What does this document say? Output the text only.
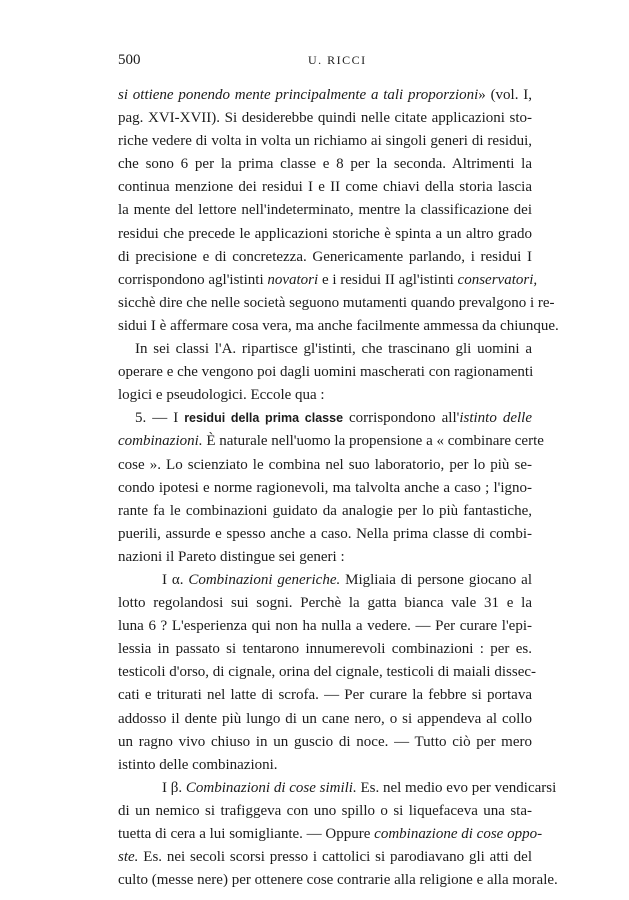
500	U. RICCI
si ottiene ponendo mente principalmente a tali proporzioni» (vol. I,
pag. XVI-XVII). Si desiderebbe quindi nelle citate applicazioni sto-
riche vedere di volta in volta un richiamo ai singoli generi di residui,
che sono 6 per la prima classe e 8 per la seconda. Altrimenti la
continua menzione dei residui I e II come chiavi della storia lascia
la mente del lettore nell'indeterminato, mentre la classificazione dei
residui che precede le applicazioni storiche è spinta a un altro grado
di precisione e di concretezza. Genericamente parlando, i residui I
corrispondono agl'istinti novatori e i residui II agl'istinti conservatori,
sicchè dire che nelle società seguono mutamenti quando prevalgono i re-
sidui I è affermare cosa vera, ma anche facilmente ammessa da chiunque.
In sei classi l'A. ripartisce gl'istinti, che trascinano gli uomini a
operare e che vengono poi dagli uomini mascherati con ragionamenti
logici e pseudologici. Eccole qua :
5. — I residui della prima classe corrispondono all'istinto delle
combinazioni. È naturale nell'uomo la propensione a « combinare certe
cose ». Lo scienziato le combina nel suo laboratorio, per lo più se-
condo ipotesi e norme ragionevoli, ma talvolta anche a caso ; l'igno-
rante fa le combinazioni guidato da analogie per lo più fantastiche,
puerili, assurde e spesso anche a caso. Nella prima classe di combi-
nazioni il Pareto distingue sei generi :
I α. Combinazioni generiche. Migliaia di persone giocano al
lotto regolandosi sui sogni. Perchè la gatta bianca vale 31 e la
luna 6 ? L'esperienza qui non ha nulla a vedere. — Per curare l'epi-
lessia in passato si tentarono innumerevoli combinazioni : per es.
testicoli d'orso, di cignale, orina del cignale, testicoli di maiali dissec-
cati e triturati nel latte di scrofa. — Per curare la febbre si portava
addosso il dente più lungo di un cane nero, o si appendeva al collo
un ragno vivo chiuso in un guscio di noce. — Tutto ciò per mero
istinto delle combinazioni.
I β. Combinazioni di cose simili. Es. nel medio evo per vendicarsi
di un nemico si trafiggeva con uno spillo o si liquefaceva una sta-
tuetta di cera a lui somigliante. — Oppure combinazione di cose oppo-
ste. Es. nei secoli scorsi presso i cattolici si parodiavano gli atti del
culto (messe nere) per ottenere cose contrarie alla religione e alla morale.
